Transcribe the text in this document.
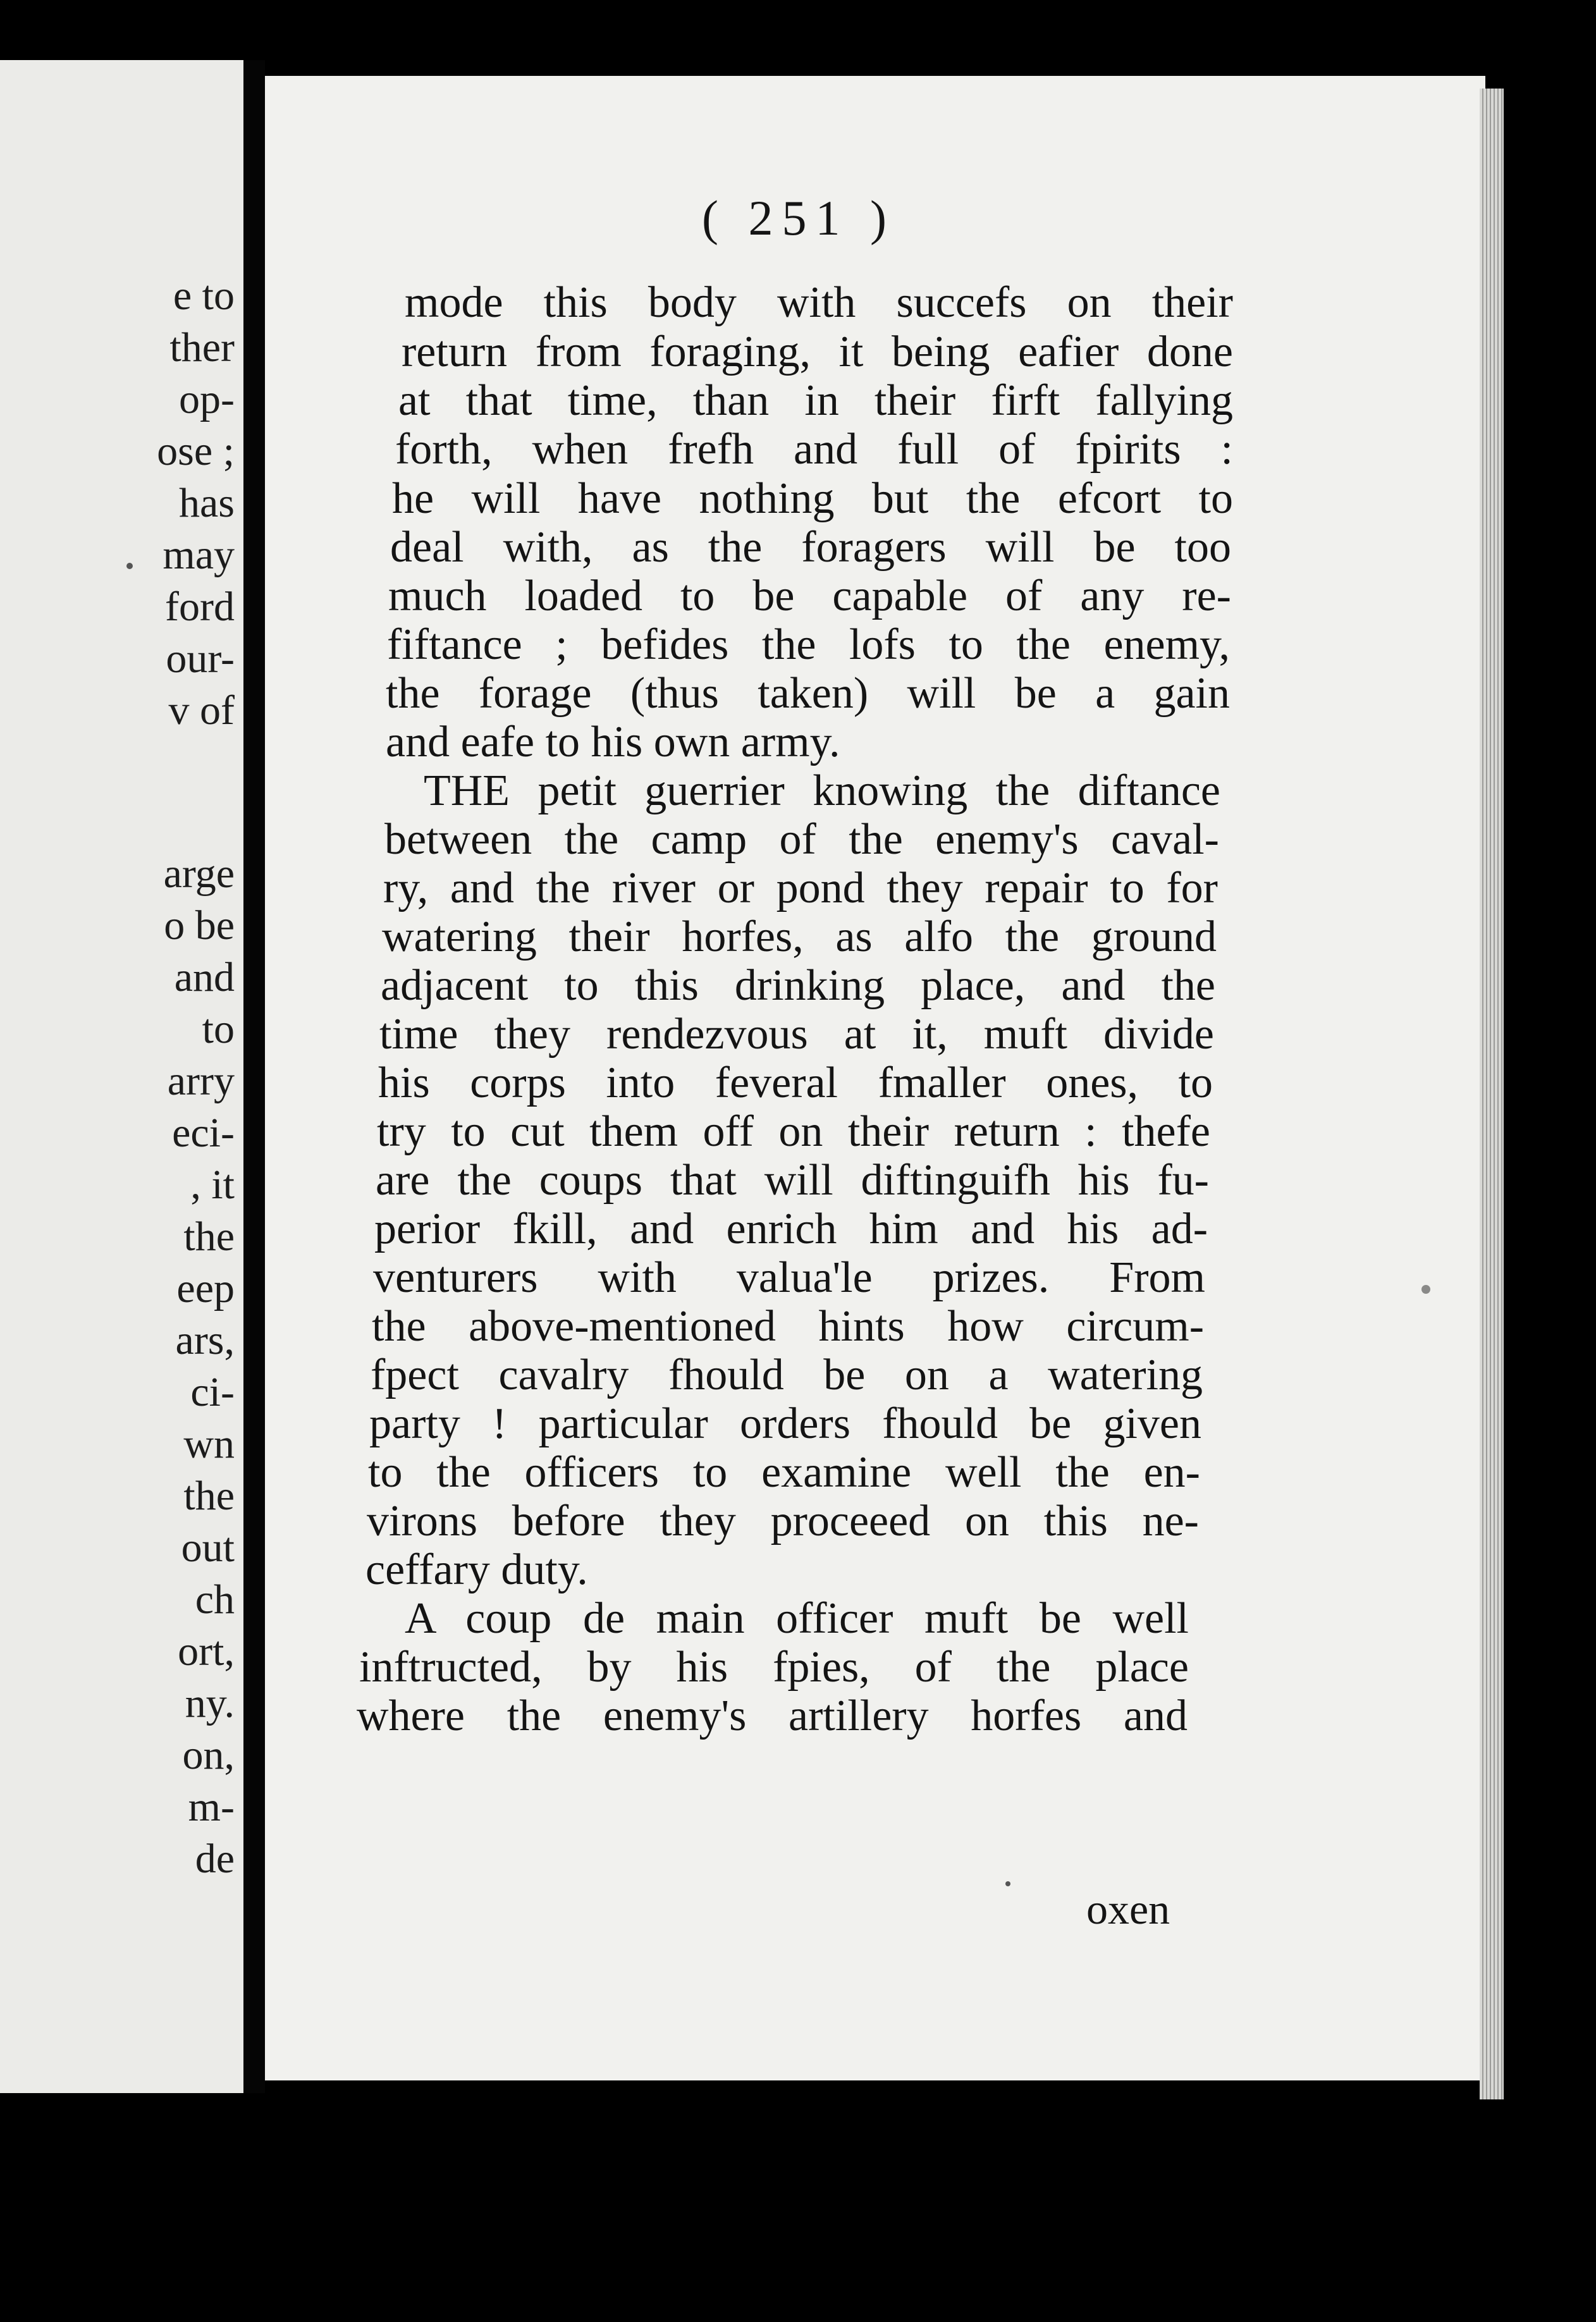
e to
ther
op-
ose ;
has
may
ford
our-
v of
arge
o be
and
to
arry
eci-
, it
the
eep
ars,
ci-
wn
the
out
ch
ort,
ny.
on,
m-
de
( 251 )
mode this body with succefs on their
return from foraging, it being eafier done
at that time, than in their firft fallying
forth, when frefh and full of fpirits :
he will have nothing but the efcort to
deal with, as the foragers will be too
much loaded to be capable of any re-
fiftance ; befides the lofs to the enemy,
the forage (thus taken) will be a gain
and eafe to his own army.
THE petit guerrier knowing the diftance
between the camp of the enemy's caval-
ry, and the river or pond they repair to for
watering their horfes, as alfo the ground
adjacent to this drinking place, and the
time they rendezvous at it, muft divide
his corps into feveral fmaller ones, to
try to cut them off on their return : thefe
are the coups that will diftinguifh his fu-
perior fkill, and enrich him and his ad-
venturers with valua'le prizes. From
the above-mentioned hints how circum-
fpect cavalry fhould be on a watering
party ! particular orders fhould be given
to the officers to examine well the en-
virons before they proceeed on this ne-
ceffary duty.
A coup de main officer muft be well
inftructed, by his fpies, of the place
where the enemy's artillery horfes and
oxen
